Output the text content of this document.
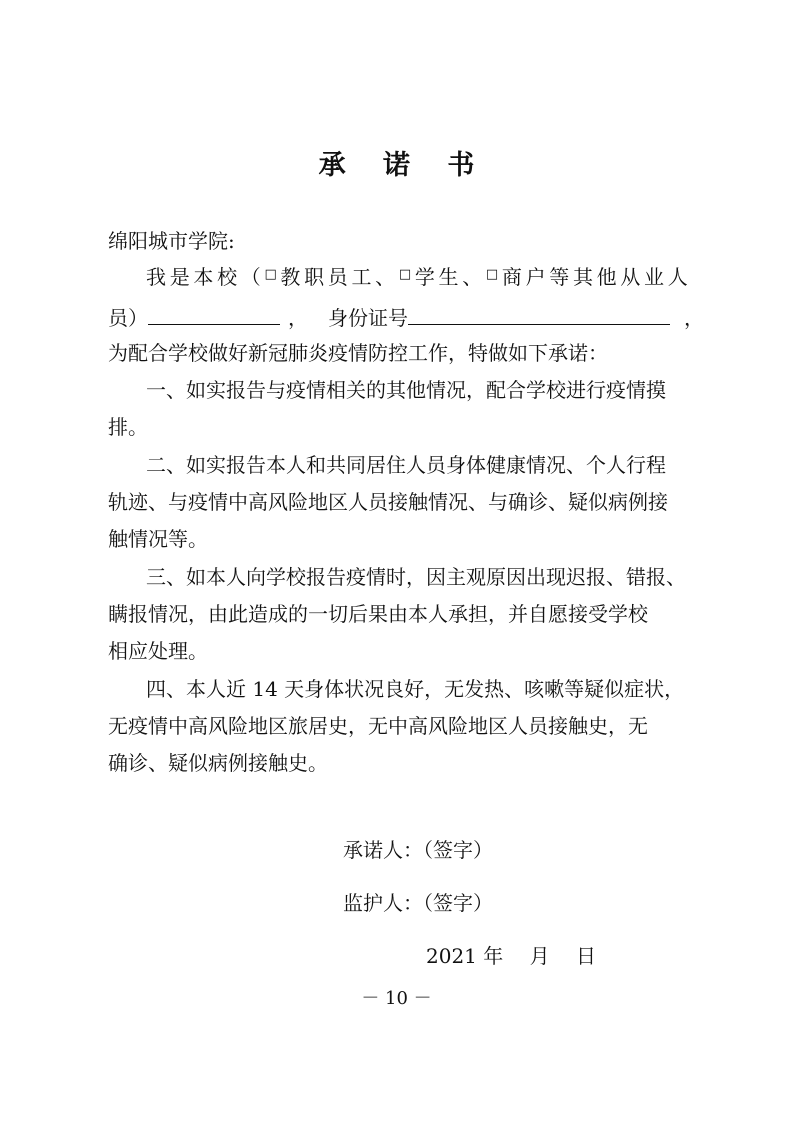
承 诺 书
绵阳城市学院:
我 是 本 校 （ □ 教 职 员 工 、 □ 学 生 、 □ 商 户 等 其 他 从 业 人
员）	， 身份证号	，
为配合学校做好新冠肺炎疫情防控工作，特做如下承诺：
一、如实报告与疫情相关的其他情况，配合学校进行疫情摸
排。
二、如实报告本人和共同居住人员身体健康情况、个人行程
轨迹、与疫情中高风险地区人员接触情况、与确诊、疑似病例接
触情况等。
三、如本人向学校报告疫情时，因主观原因出现迟报、错报、
瞒报情况，由此造成的一切后果由本人承担，并自愿接受学校
相应处理。
四、本人近 14 天身体状况良好，无发热、咳嗽等疑似症状，
无疫情中高风险地区旅居史，无中高风险地区人员接触史，无
确诊、疑似病例接触史。
承诺人：（签字）
监护人：（签字）
2021 年　 月　 日
－ 10 －
